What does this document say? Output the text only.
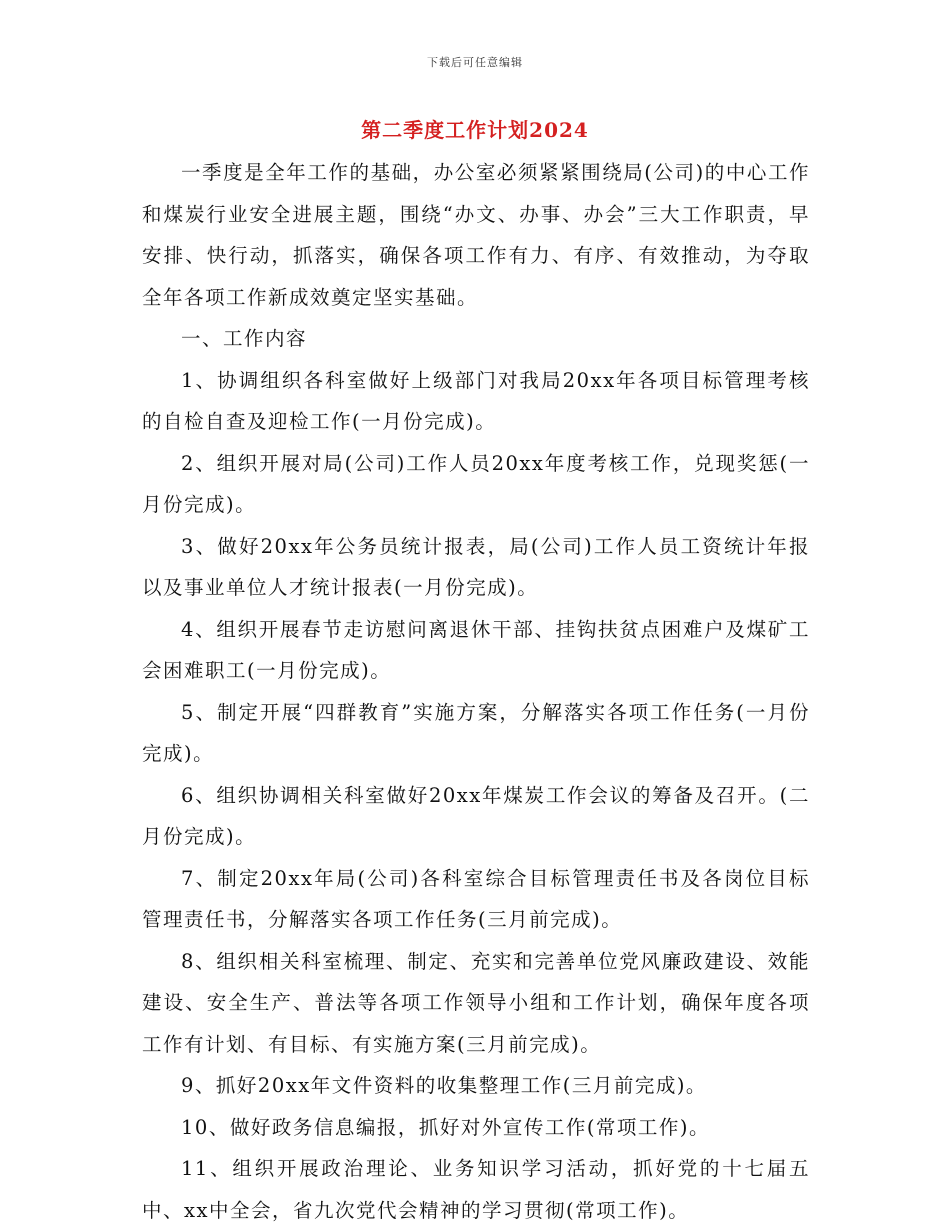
下载后可任意编辑
第二季度工作计划2024

一季度是全年工作的基础，办公室必须紧紧围绕局(公司)的中心工作和煤炭行业安全进展主题，围绕“办文、办事、办会”三大工作职责，早安排、快行动，抓落实，确保各项工作有力、有序、有效推动，为夺取全年各项工作新成效奠定坚实基础。

一、工作内容

1、协调组织各科室做好上级部门对我局20xx年各项目标管理考核的自检自查及迎检工作(一月份完成)。

2、组织开展对局(公司)工作人员20xx年度考核工作，兑现奖惩(一月份完成)。

3、做好20xx年公务员统计报表，局(公司)工作人员工资统计年报以及事业单位人才统计报表(一月份完成)。

4、组织开展春节走访慰问离退休干部、挂钩扶贫点困难户及煤矿工会困难职工(一月份完成)。

5、制定开展“四群教育”实施方案，分解落实各项工作任务(一月份完成)。

6、组织协调相关科室做好20xx年煤炭工作会议的筹备及召开。(二月份完成)。

7、制定20xx年局(公司)各科室综合目标管理责任书及各岗位目标管理责任书，分解落实各项工作任务(三月前完成)。

8、组织相关科室梳理、制定、充实和完善单位党风廉政建设、效能建设、安全生产、普法等各项工作领导小组和工作计划，确保年度各项工作有计划、有目标、有实施方案(三月前完成)。

9、抓好20xx年文件资料的收集整理工作(三月前完成)。

10、做好政务信息编报，抓好对外宣传工作(常项工作)。

11、组织开展政治理论、业务知识学习活动，抓好党的十七届五中、xx中全会，省九次党代会精神的学习贯彻(常项工作)。
